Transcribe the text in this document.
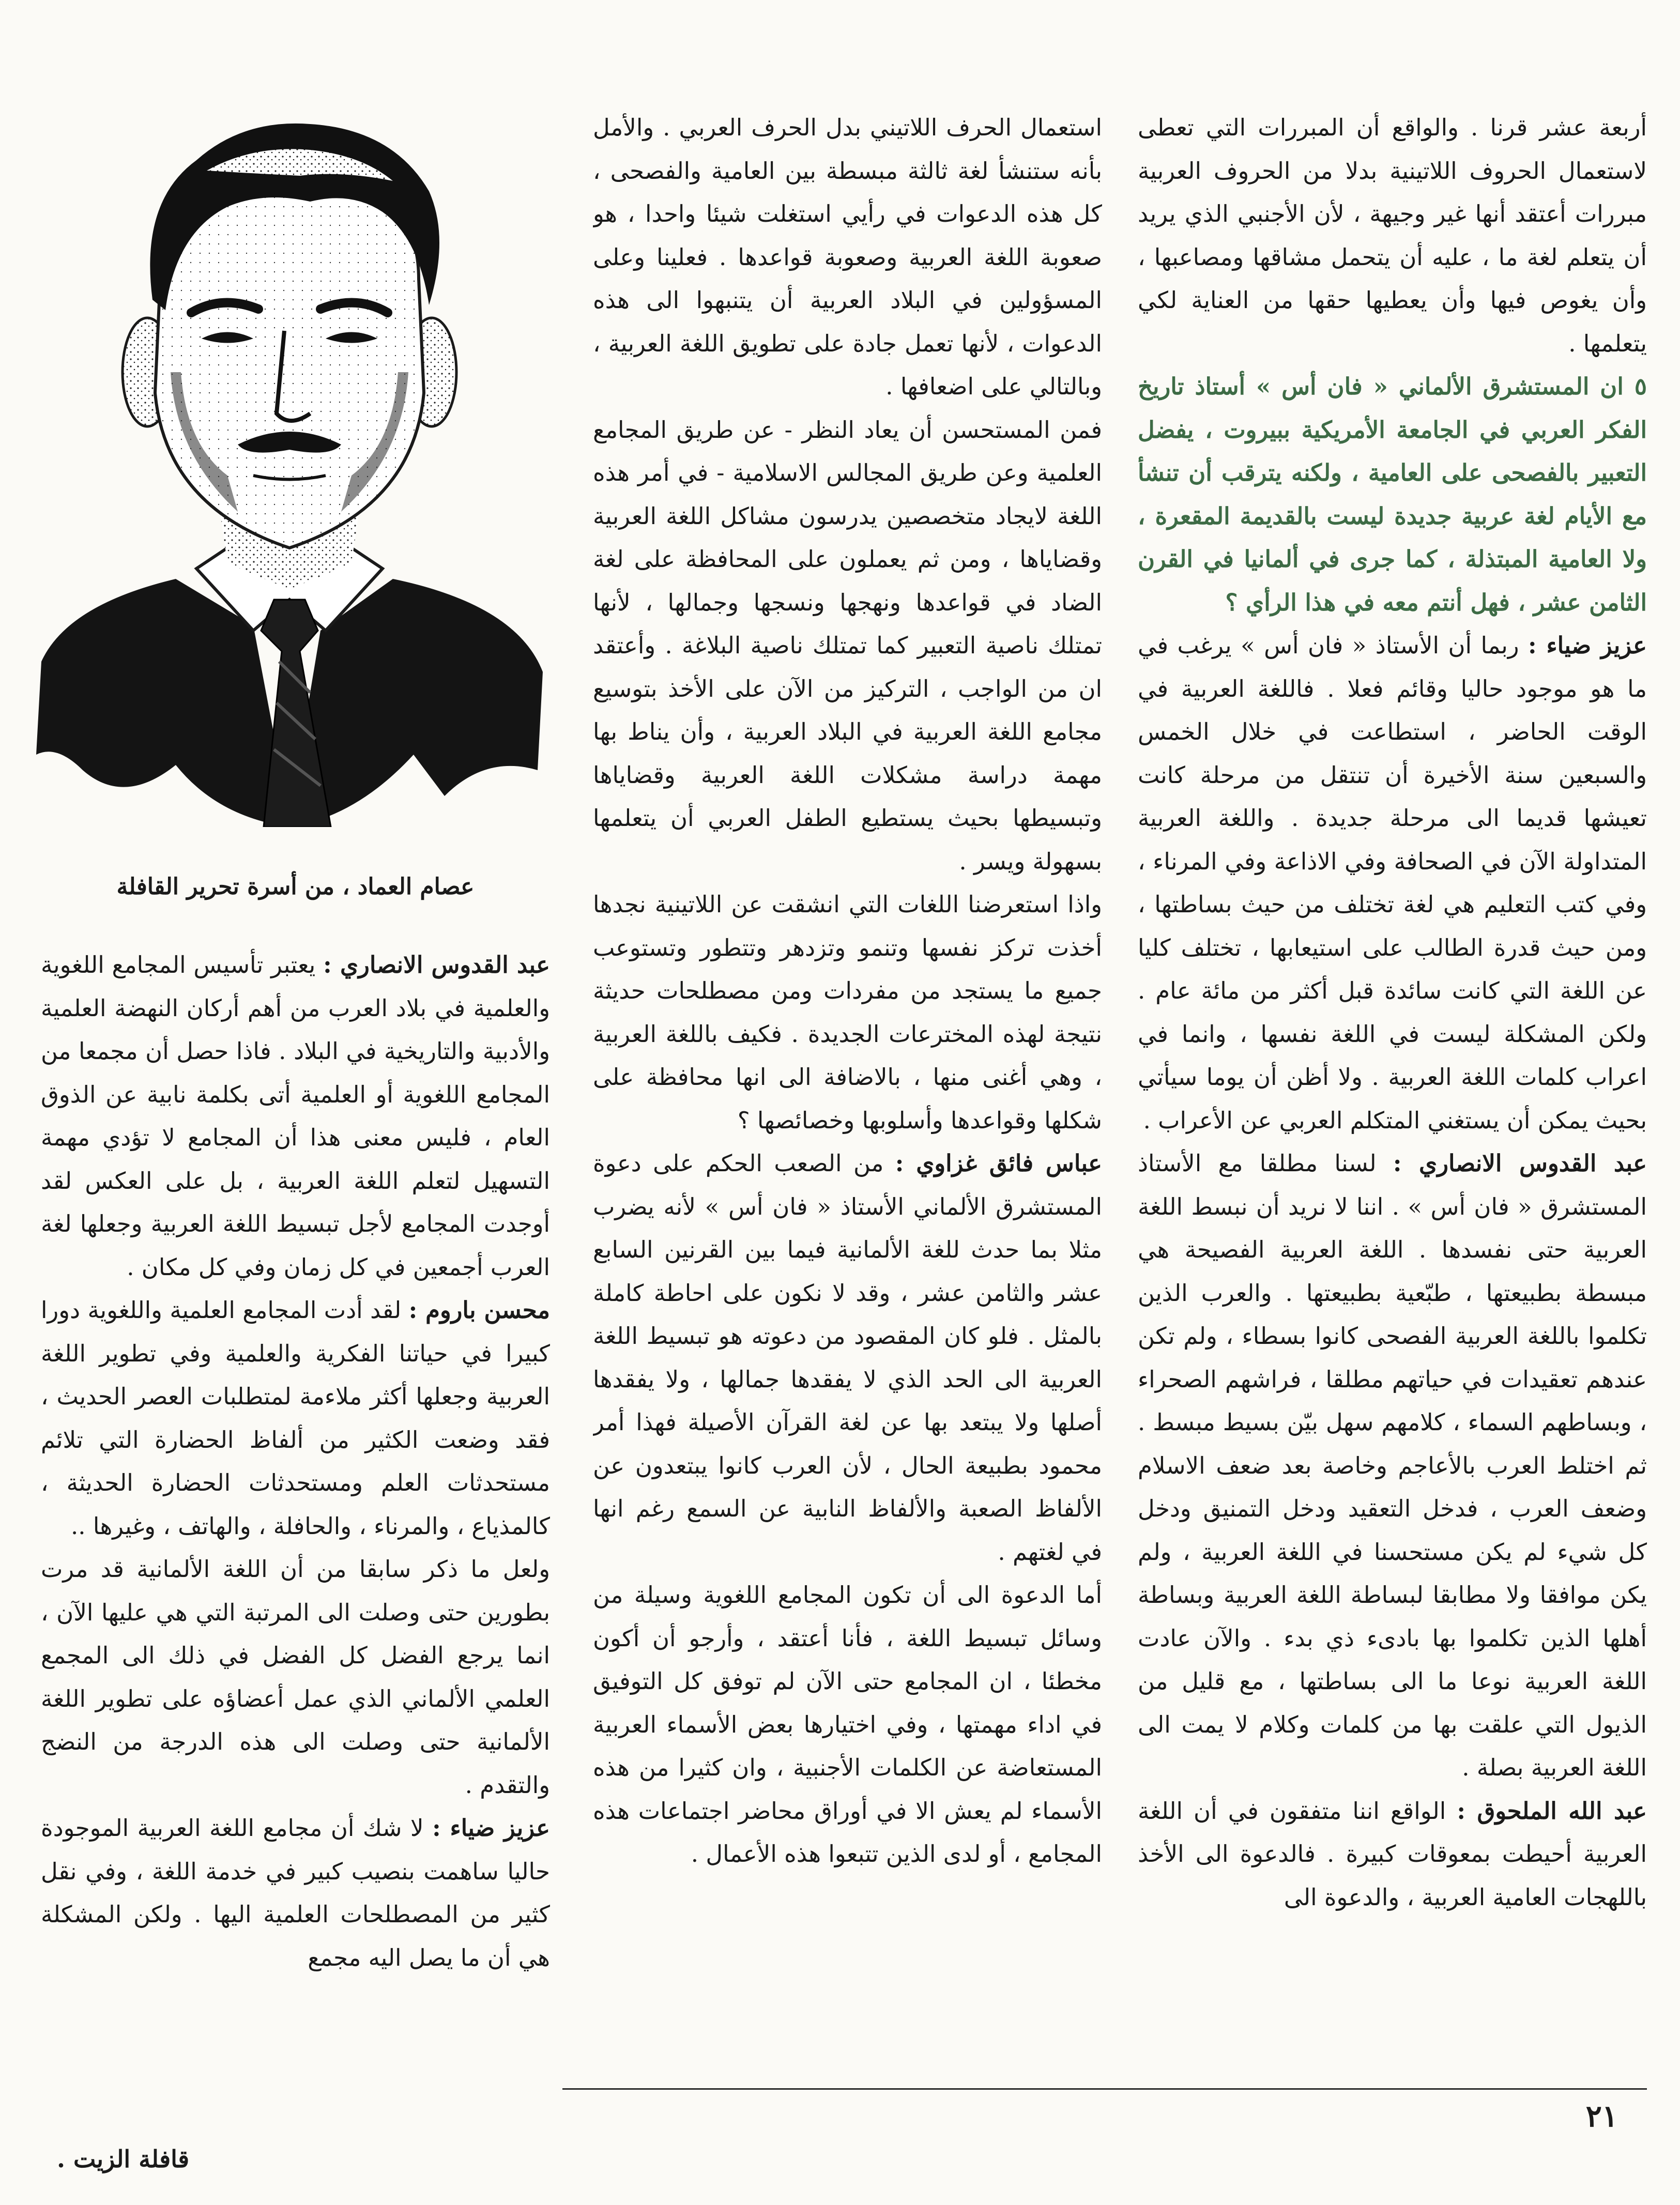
عصام العماد ، من أسرة تحرير القافلة

أربعة عشر قرنا . والواقع أن المبررات التي تعطى لاستعمال الحروف اللاتينية بدلا من الحروف العربية مبررات أعتقد أنها غير وجيهة ، لأن الأجنبي الذي يريد أن يتعلم لغة ما ، عليه أن يتحمل مشاقها ومصاعبها ، وأن يغوص فيها وأن يعطيها حقها من العناية لكي يتعلمها .

٥ ان المستشرق الألماني « فان أس » أستاذ تاريخ الفكر العربي في الجامعة الأمريكية ببيروت ، يفضل التعبير بالفصحى على العامية ، ولكنه يترقب أن تنشأ مع الأيام لغة عربية جديدة ليست بالقديمة المقعرة ، ولا العامية المبتذلة ، كما جرى في ألمانيا في القرن الثامن عشر ، فهل أنتم معه في هذا الرأي ؟

عزيز ضياء : ربما أن الأستاذ « فان أس » يرغب في ما هو موجود حاليا وقائم فعلا . فاللغة العربية في الوقت الحاضر ، استطاعت في خلال الخمس والسبعين سنة الأخيرة أن تنتقل من مرحلة كانت تعيشها قديما الى مرحلة جديدة . واللغة العربية المتداولة الآن في الصحافة وفي الاذاعة وفي المرناء ، وفي كتب التعليم هي لغة تختلف من حيث بساطتها ، ومن حيث قدرة الطالب على استيعابها ، تختلف كليا عن اللغة التي كانت سائدة قبل أكثر من مائة عام . ولكن المشكلة ليست في اللغة نفسها ، وانما في اعراب كلمات اللغة العربية . ولا أظن أن يوما سيأتي بحيث يمكن أن يستغني المتكلم العربي عن الأعراب .

عبد القدوس الانصاري : لسنا مطلقا مع الأستاذ المستشرق « فان أس » . اننا لا نريد أن نبسط اللغة العربية حتى نفسدها . اللغة العربية الفصيحة هي مبسطة بطبيعتها ، طبّعية بطبيعتها . والعرب الذين تكلموا باللغة العربية الفصحى كانوا بسطاء ، ولم تكن عندهم تعقيدات في حياتهم مطلقا ، فراشهم الصحراء ، وبساطهم السماء ، كلامهم سهل بيّن بسيط مبسط . ثم اختلط العرب بالأعاجم وخاصة بعد ضعف الاسلام وضعف العرب ، فدخل التعقيد ودخل التمنيق ودخل كل شيء لم يكن مستحسنا في اللغة العربية ، ولم يكن موافقا ولا مطابقا لبساطة اللغة العربية وبساطة أهلها الذين تكلموا بها بادىء ذي بدء . والآن عادت اللغة العربية نوعا ما الى بساطتها ، مع قليل من الذيول التي علقت بها من كلمات وكلام لا يمت الى اللغة العربية بصلة .

عبد الله الملحوق : الواقع اننا متفقون في أن اللغة العربية أحيطت بمعوقات كبيرة . فالدعوة الى الأخذ باللهجات العامية العربية ، والدعوة الى

استعمال الحرف اللاتيني بدل الحرف العربي . والأمل بأنه ستنشأ لغة ثالثة مبسطة بين العامية والفصحى ، كل هذه الدعوات في رأيي استغلت شيئا واحدا ، هو صعوبة اللغة العربية وصعوبة قواعدها . فعلينا وعلى المسؤولين في البلاد العربية أن يتنبهوا الى هذه الدعوات ، لأنها تعمل جادة على تطويق اللغة العربية ، وبالتالي على اضعافها .

فمن المستحسن أن يعاد النظر - عن طريق المجامع العلمية وعن طريق المجالس الاسلامية - في أمر هذه اللغة لايجاد متخصصين يدرسون مشاكل اللغة العربية وقضاياها ، ومن ثم يعملون على المحافظة على لغة الضاد في قواعدها ونهجها ونسجها وجمالها ، لأنها تمتلك ناصية التعبير كما تمتلك ناصية البلاغة . وأعتقد ان من الواجب ، التركيز من الآن على الأخذ بتوسيع مجامع اللغة العربية في البلاد العربية ، وأن يناط بها مهمة دراسة مشكلات اللغة العربية وقضاياها وتبسيطها بحيث يستطيع الطفل العربي أن يتعلمها بسهولة ويسر .

واذا استعرضنا اللغات التي انشقت عن اللاتينية نجدها أخذت تركز نفسها وتنمو وتزدهر وتتطور وتستوعب جميع ما يستجد من مفردات ومن مصطلحات حديثة نتيجة لهذه المخترعات الجديدة . فكيف باللغة العربية ، وهي أغنى منها ، بالاضافة الى انها محافظة على شكلها وقواعدها وأسلوبها وخصائصها ؟

عباس فائق غزاوي : من الصعب الحكم على دعوة المستشرق الألماني الأستاذ « فان أس » لأنه يضرب مثلا بما حدث للغة الألمانية فيما بين القرنين السابع عشر والثامن عشر ، وقد لا نكون على احاطة كاملة بالمثل . فلو كان المقصود من دعوته هو تبسيط اللغة العربية الى الحد الذي لا يفقدها جمالها ، ولا يفقدها أصلها ولا يبتعد بها عن لغة القرآن الأصيلة فهذا أمر محمود بطبيعة الحال ، لأن العرب كانوا يبتعدون عن الألفاظ الصعبة والألفاظ النابية عن السمع رغم انها في لغتهم .

أما الدعوة الى أن تكون المجامع اللغوية وسيلة من وسائل تبسيط اللغة ، فأنا أعتقد ، وأرجو أن أكون مخطئا ، ان المجامع حتى الآن لم توفق كل التوفيق في اداء مهمتها ، وفي اختيارها بعض الأسماء العربية المستعاضة عن الكلمات الأجنبية ، وان كثيرا من هذه الأسماء لم يعش الا في أوراق محاضر اجتماعات هذه المجامع ، أو لدى الذين تتبعوا هذه الأعمال .

عبد القدوس الانصاري : يعتبر تأسيس المجامع اللغوية والعلمية في بلاد العرب من أهم أركان النهضة العلمية والأدبية والتاريخية في البلاد . فاذا حصل أن مجمعا من المجامع اللغوية أو العلمية أتى بكلمة نابية عن الذوق العام ، فليس معنى هذا أن المجامع لا تؤدي مهمة التسهيل لتعلم اللغة العربية ، بل على العكس لقد أوجدت المجامع لأجل تبسيط اللغة العربية وجعلها لغة العرب أجمعين في كل زمان وفي كل مكان .

محسن باروم : لقد أدت المجامع العلمية واللغوية دورا كبيرا في حياتنا الفكرية والعلمية وفي تطوير اللغة العربية وجعلها أكثر ملاءمة لمتطلبات العصر الحديث ، فقد وضعت الكثير من ألفاظ الحضارة التي تلائم مستحدثات العلم ومستحدثات الحضارة الحديثة ، كالمذياع ، والمرناء ، والحافلة ، والهاتف ، وغيرها ..

ولعل ما ذكر سابقا من أن اللغة الألمانية قد مرت بطورين حتى وصلت الى المرتبة التي هي عليها الآن ، انما يرجع الفضل كل الفضل في ذلك الى المجمع العلمي الألماني الذي عمل أعضاؤه على تطوير اللغة الألمانية حتى وصلت الى هذه الدرجة من النضج والتقدم .

عزيز ضياء : لا شك أن مجامع اللغة العربية الموجودة حاليا ساهمت بنصيب كبير في خدمة اللغة ، وفي نقل كثير من المصطلحات العلمية اليها . ولكن المشكلة هي أن ما يصل اليه مجمع

٢١

قافلة الزيت .
